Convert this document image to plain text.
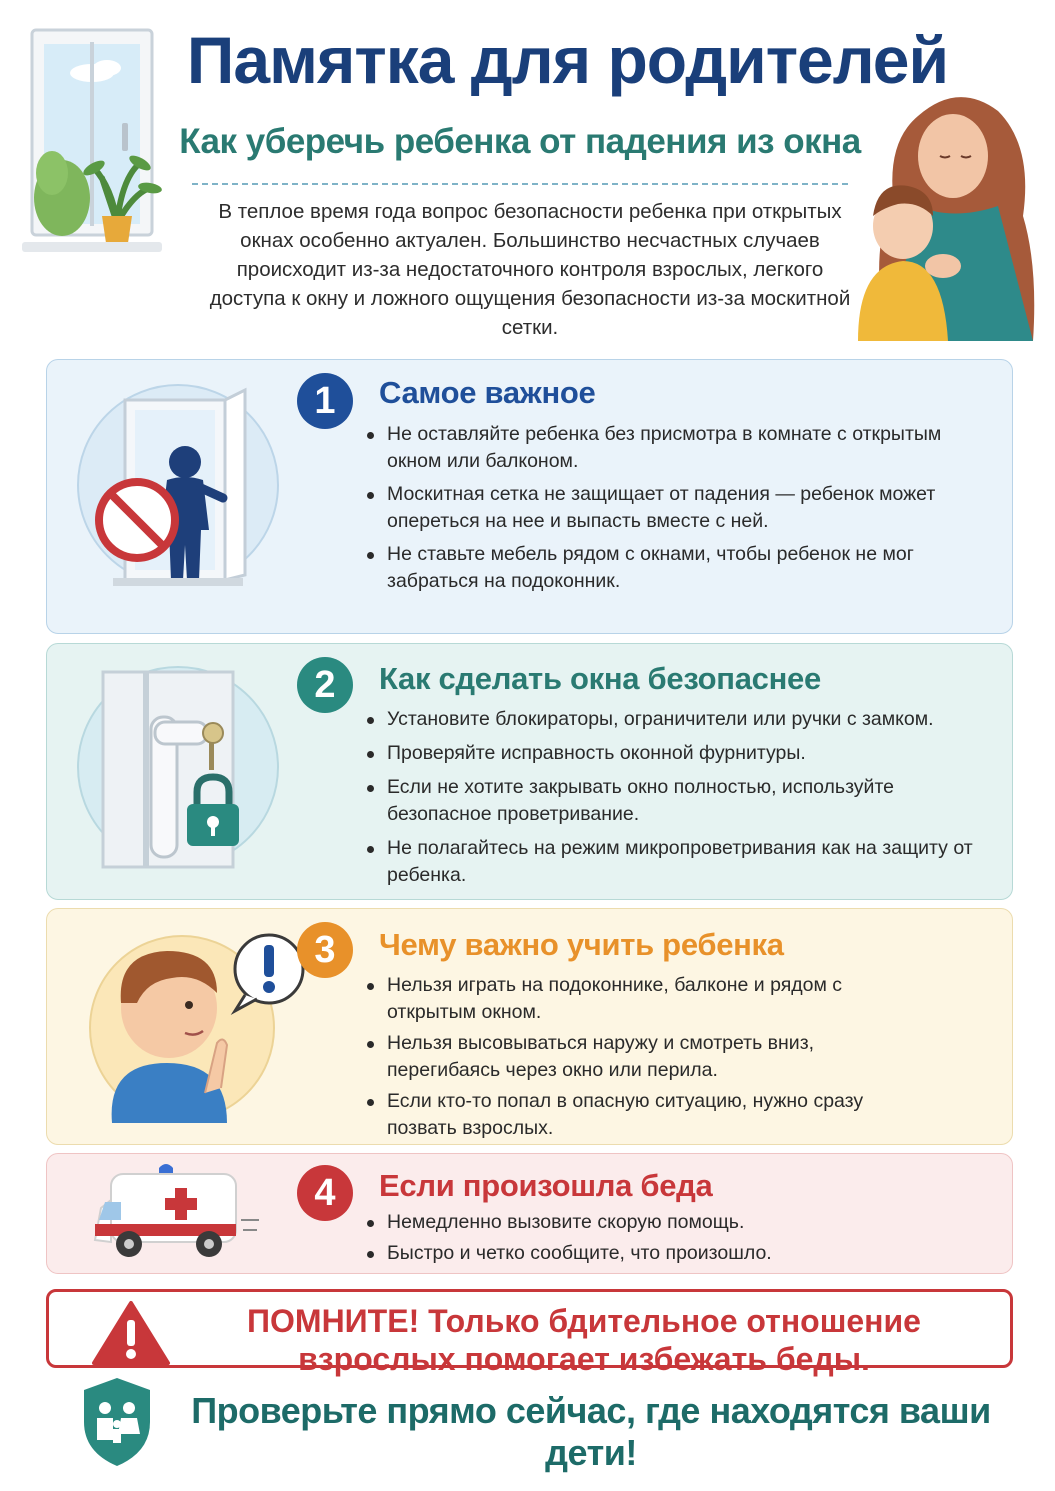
Памятка для родителей
Как уберечь ребенка от падения из окна
В теплое время года вопрос безопасности ребенка при открытых окнах особенно актуален. Большинство несчастных случаев происходит из-за недостаточного контроля взрослых, легкого доступа к окну и ложного ощущения безопасности из-за москитной сетки.
1	Самое важное
Не оставляйте ребенка без присмотра в комнате с открытым окном или балконом.
Москитная сетка не защищает от падения — ребенок может опереться на нее и выпасть вместе с ней.
Не ставьте мебель рядом с окнами, чтобы ребенок не мог забраться на подоконник.
2	Как сделать окна безопаснее
Установите блокираторы, ограничители или ручки с замком.
Проверяйте исправность оконной фурнитуры.
Если не хотите закрывать окно полностью, используйте безопасное проветривание.
Не полагайтесь на режим микропроветривания как на защиту от ребенка.
3	Чему важно учить ребенка
Нельзя играть на подоконнике, балконе и рядом с открытым окном.
Нельзя высовываться наружу и смотреть вниз, перегибаясь через окно или перила.
Если кто-то попал в опасную ситуацию, нужно сразу позвать взрослых.
4	Если произошла беда
Немедленно вызовите скорую помощь.
Быстро и четко сообщите, что произошло.
ПОМНИТЕ! Только бдительное отношение
взрослых помогает избежать беды.
Проверьте прямо сейчас, где находятся ваши дети!
